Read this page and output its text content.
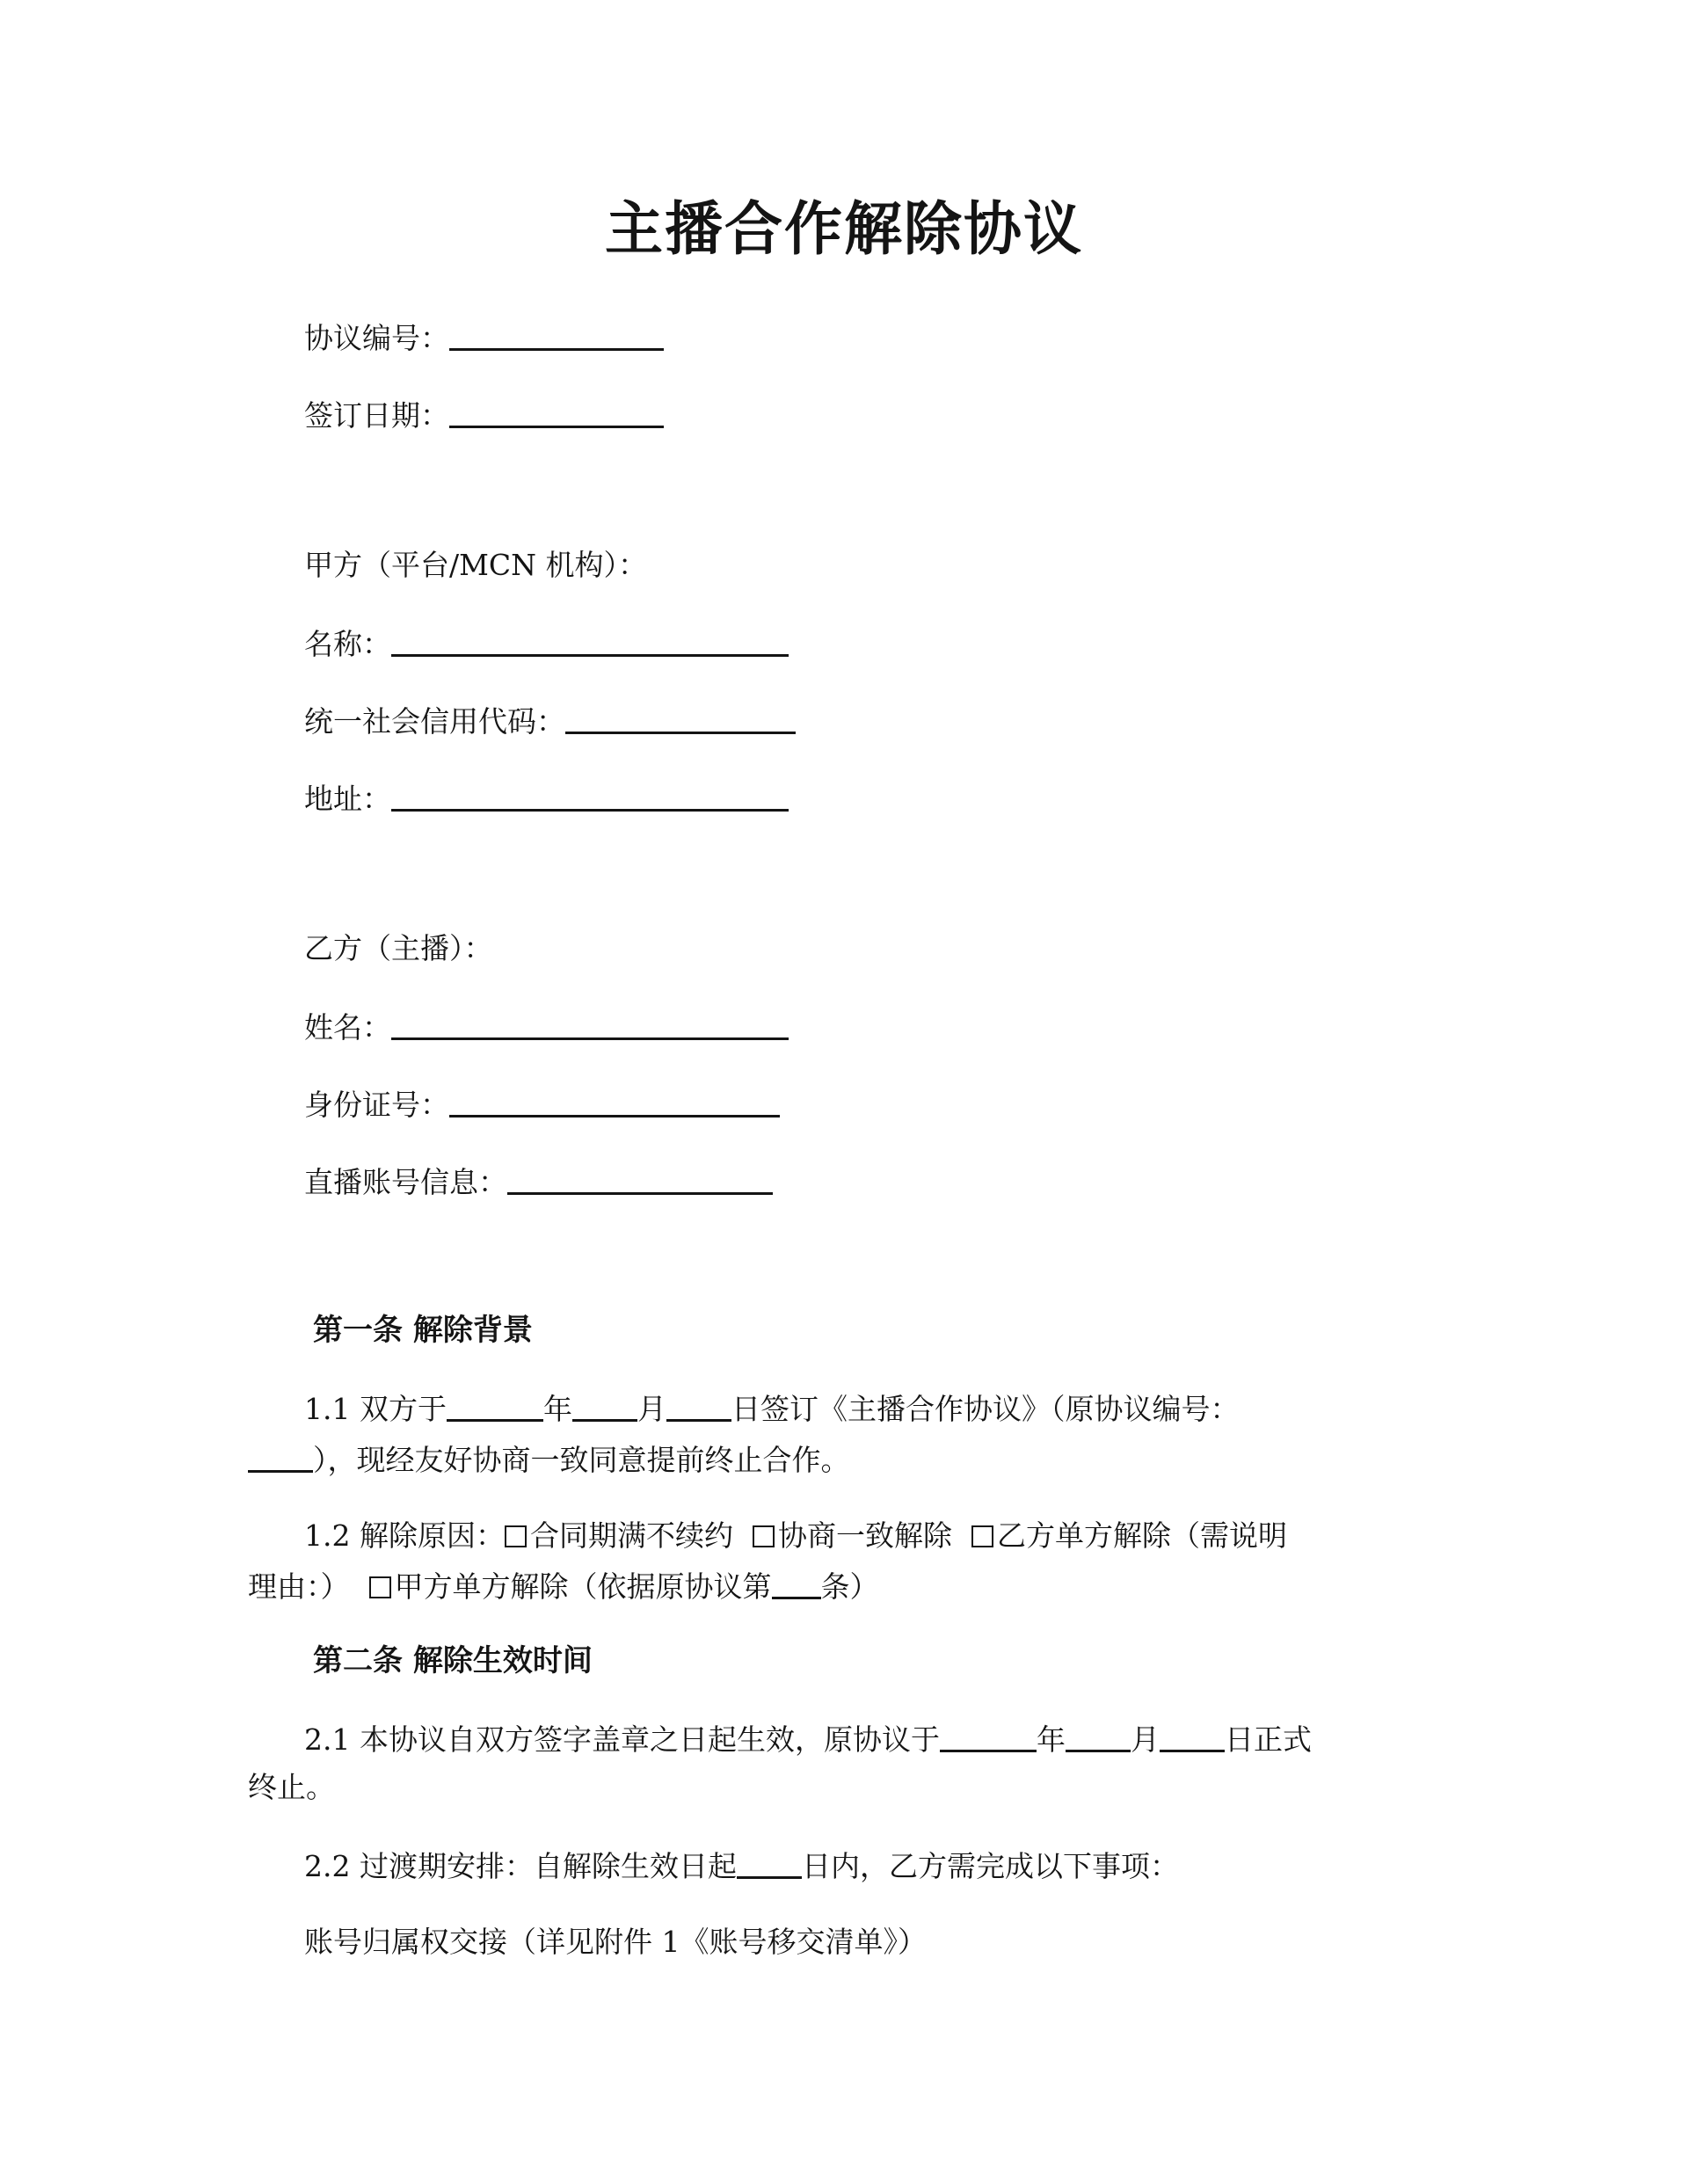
主播合作解除协议
协议编号：
签订日期：
甲方（平台/MCN 机构）：
名称：
统一社会信用代码：
地址：
乙方（主播）：
姓名：
身份证号：
直播账号信息：
第一条 解除背景
1.1 双方于	年 月 日签订《主播合作协议》（原协议编号：
），现经友好协商一致同意提前终止合作。
1.2 解除原因： 合同期满不续约 协商一致解除 乙方单方解除（需说明
理由：） 甲方单方解除（依据原协议第 条）
第二条 解除生效时间
2.1 本协议自双方签字盖章之日起生效，原协议于	年 月 日正式
终止。
2.2 过渡期安排：自解除生效日起 日内，乙方需完成以下事项：
账号归属权交接（详见附件 1《账号移交清单》）
